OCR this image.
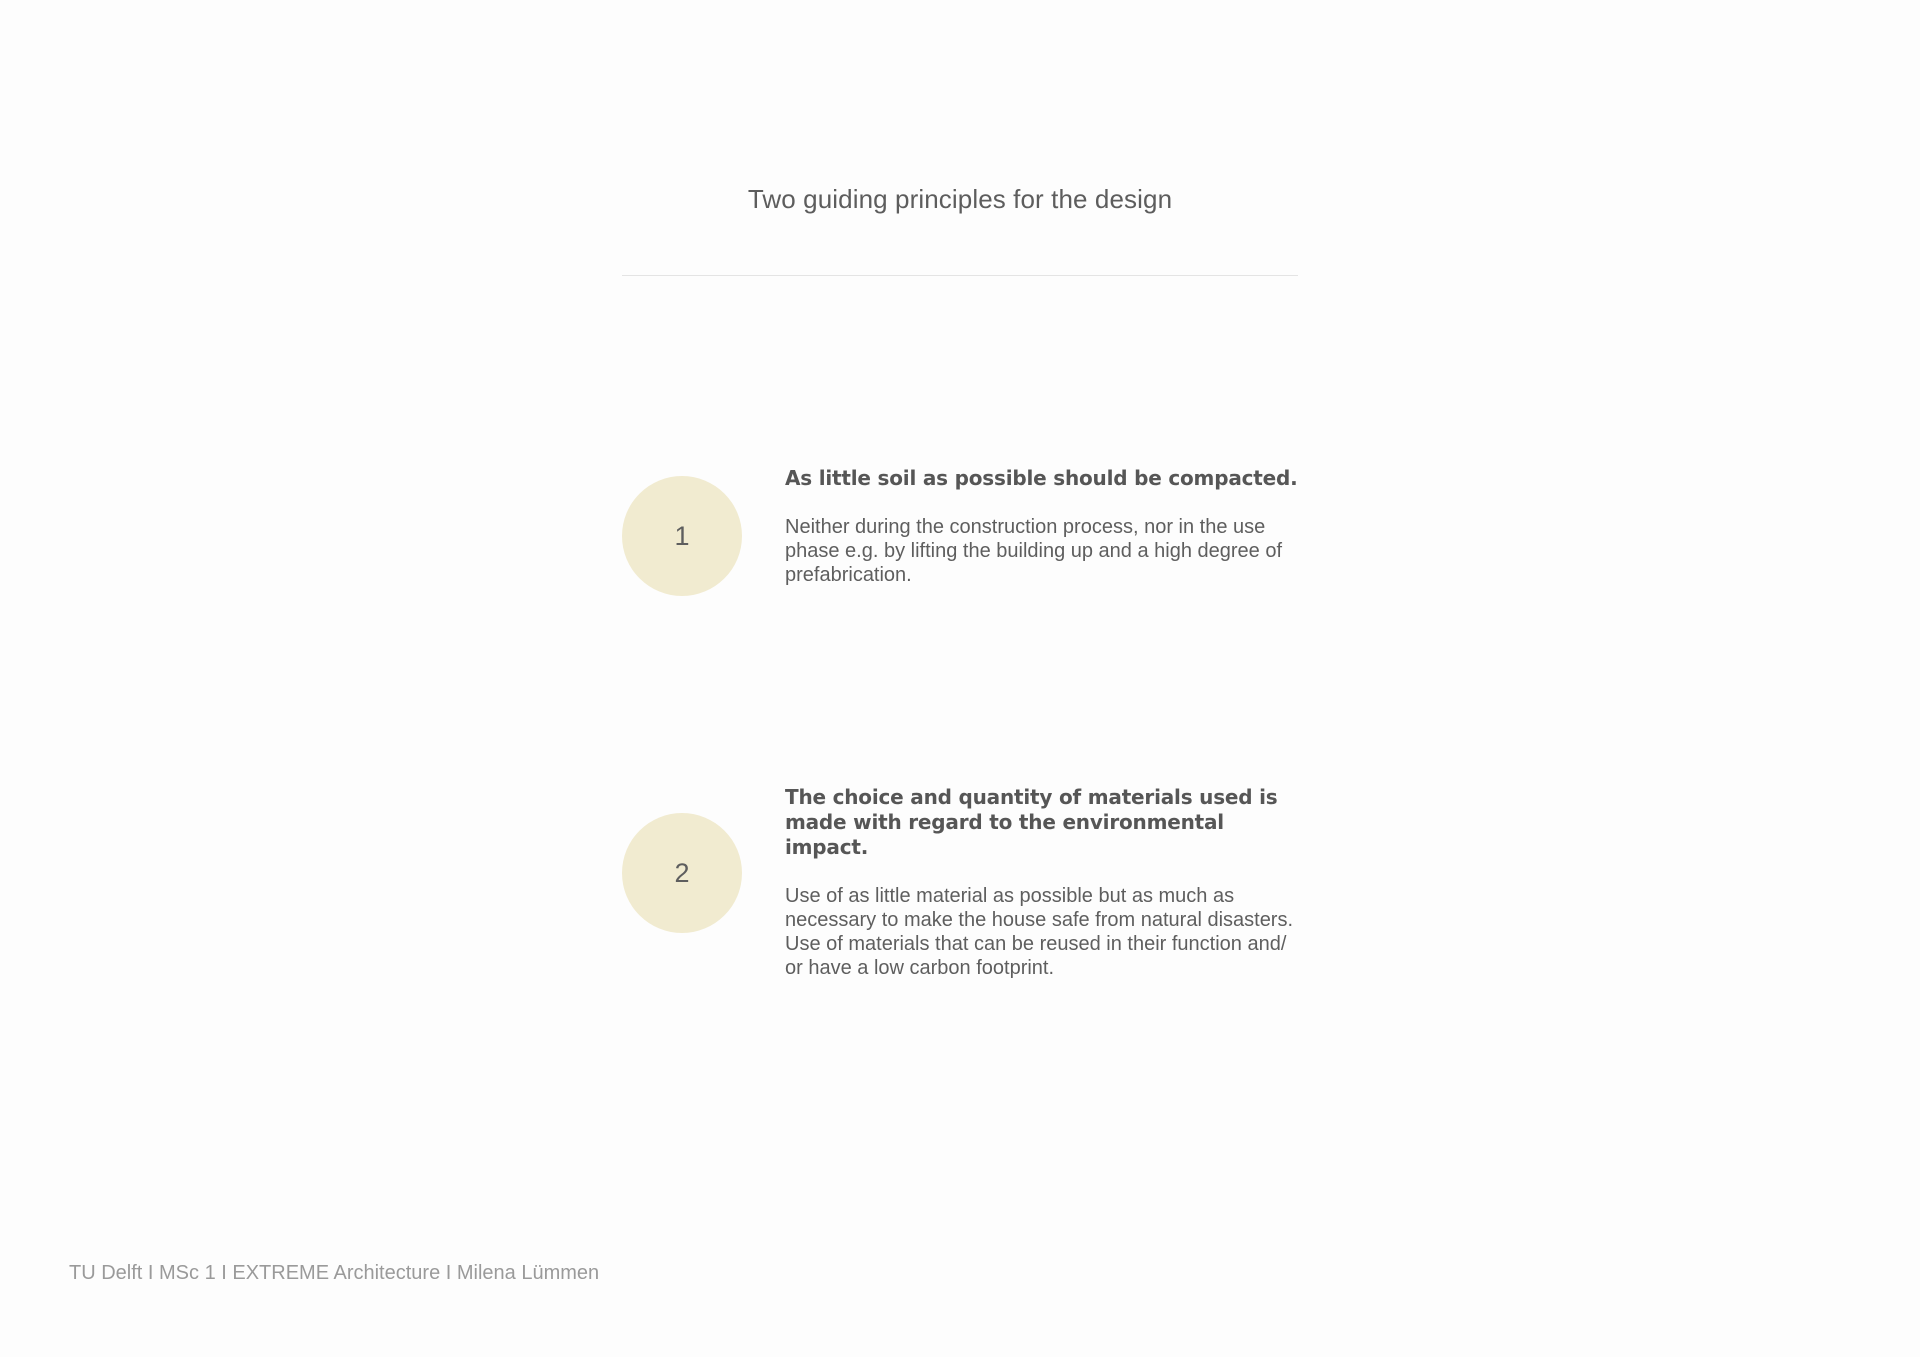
Two guiding principles for the design
1
As little soil as possible should be compacted.
Neither during the construction process, nor in the use
phase e.g. by lifting the building up and a high degree of
prefabrication.
2
The choice and quantity of materials used is
made with regard to the environmental impact.
Use of as little material as possible but as much as
necessary to make the house safe from natural disasters.
Use of materials that can be reused in their function and/
or have a low carbon footprint.
TU Delft I MSc 1 I EXTREME Architecture I Milena Lümmen
